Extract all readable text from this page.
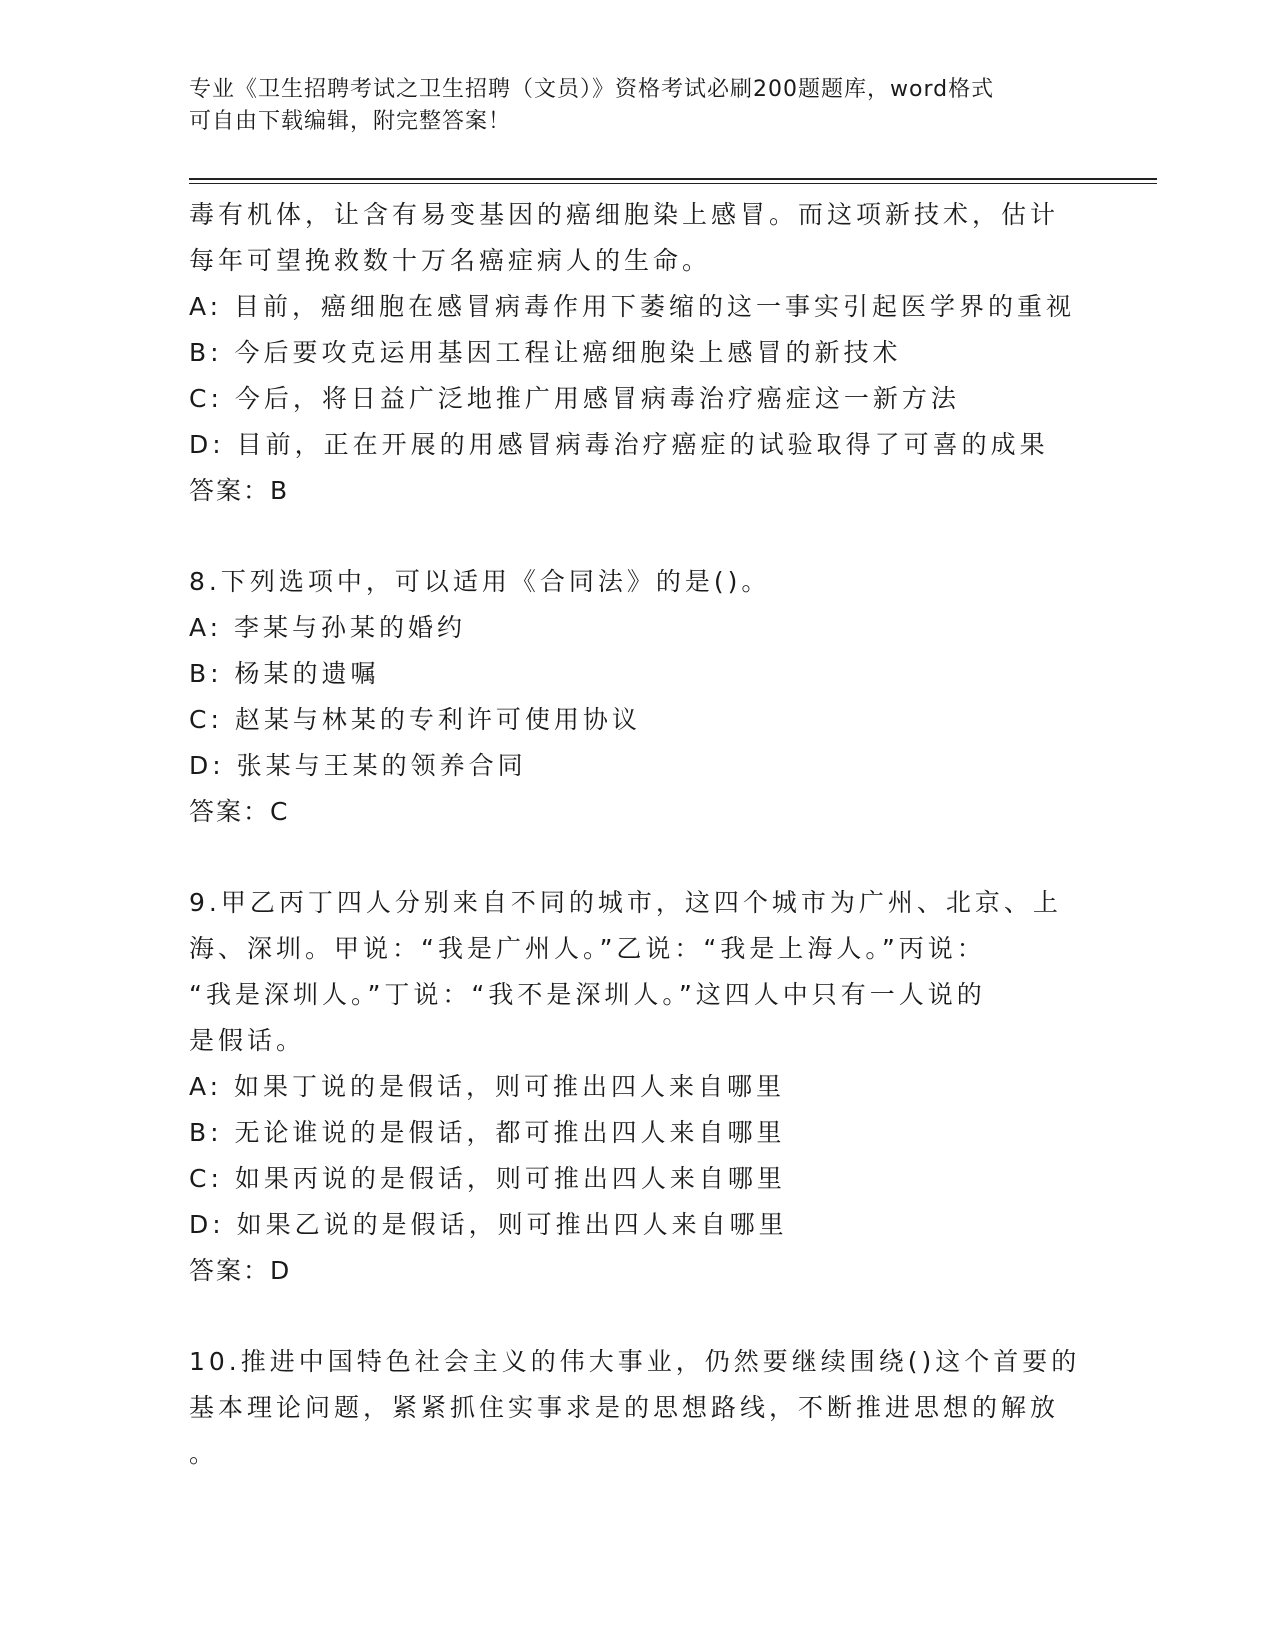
专业《卫生招聘考试之卫生招聘（文员）》资格考试必刷200题题库，word格式
可自由下载编辑，附完整答案！
毒有机体，让含有易变基因的癌细胞染上感冒。而这项新技术，估计
每年可望挽救数十万名癌症病人的生命。
A: 目前，癌细胞在感冒病毒作用下萎缩的这一事实引起医学界的重视
B: 今后要攻克运用基因工程让癌细胞染上感冒的新技术
C: 今后，将日益广泛地推广用感冒病毒治疗癌症这一新方法
D: 目前，正在开展的用感冒病毒治疗癌症的试验取得了可喜的成果
答案：B
8.下列选项中，可以适用《合同法》的是()。
A: 李某与孙某的婚约
B: 杨某的遗嘱
C: 赵某与林某的专利许可使用协议
D: 张某与王某的领养合同
答案：C
9.甲乙丙丁四人分别来自不同的城市，这四个城市为广州、北京、上
海、深圳。甲说：“我是广州人。”乙说：“我是上海人。”丙说：
“我是深圳人。”丁说：“我不是深圳人。”这四人中只有一人说的
是假话。
A: 如果丁说的是假话，则可推出四人来自哪里
B: 无论谁说的是假话，都可推出四人来自哪里
C: 如果丙说的是假话，则可推出四人来自哪里
D: 如果乙说的是假话，则可推出四人来自哪里
答案：D
10.推进中国特色社会主义的伟大事业，仍然要继续围绕()这个首要的
基本理论问题，紧紧抓住实事求是的思想路线，不断推进思想的解放
。
